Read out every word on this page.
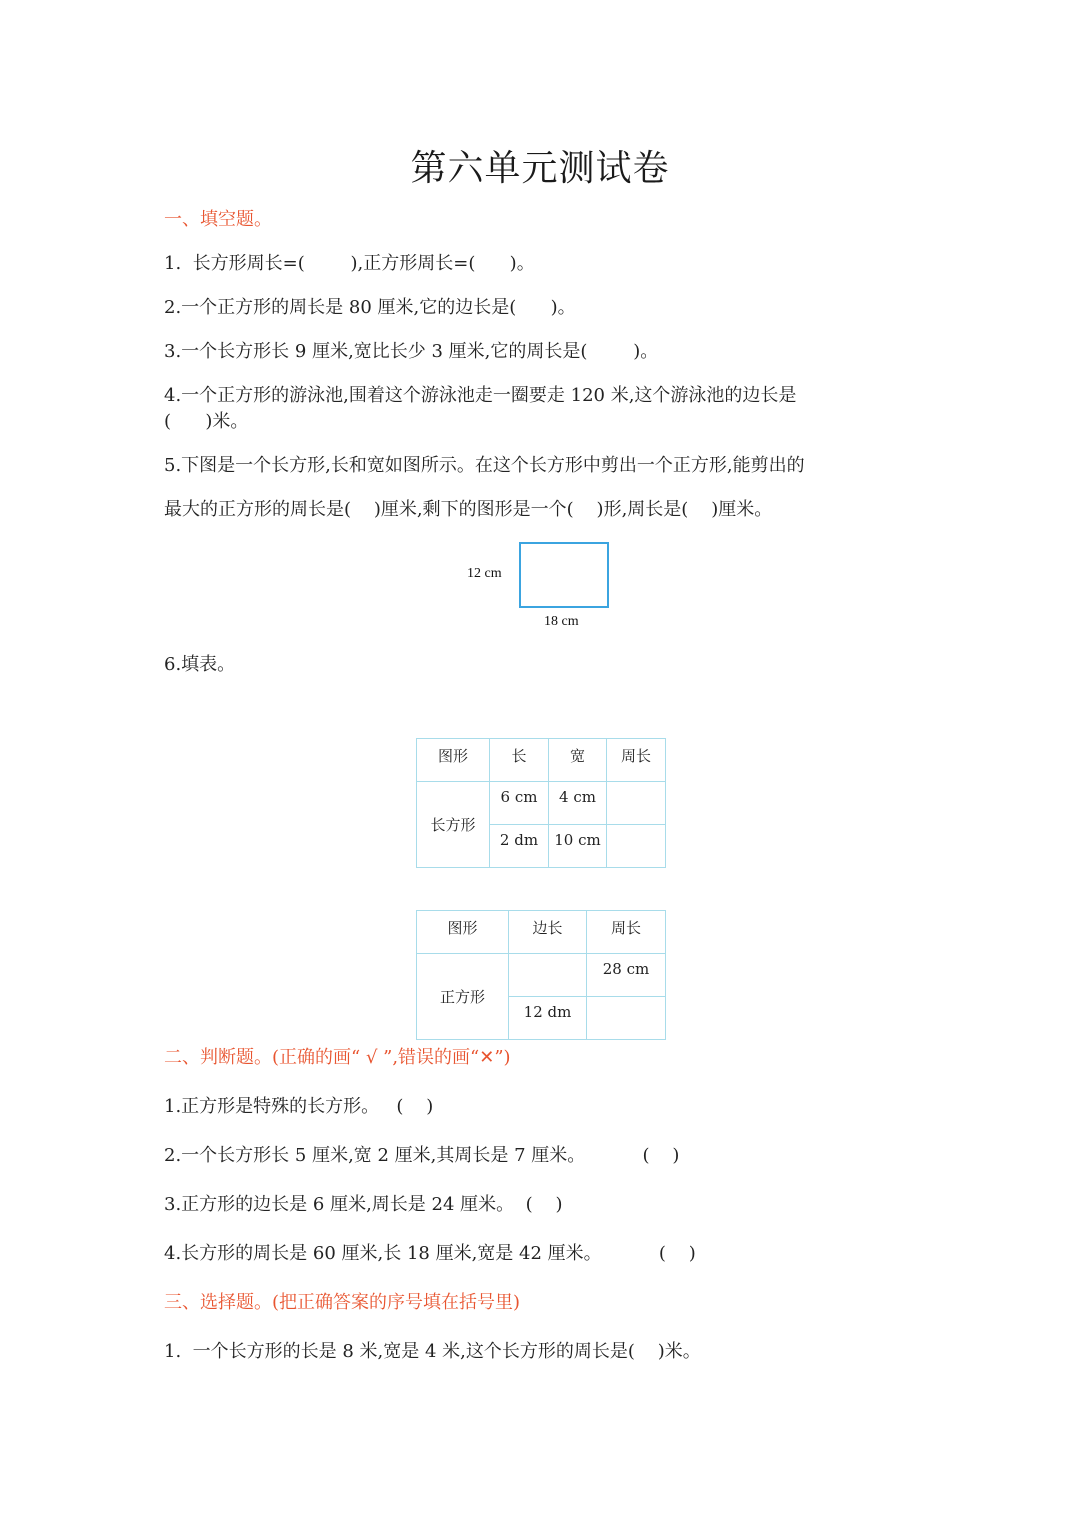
第六单元测试卷
一、填空题。
1.  长方形周长=(        ),正方形周长=(      )。
2.一个正方形的周长是 80 厘米,它的边长是(      )。
3.一个长方形长 9 厘米,宽比长少 3 厘米,它的周长是(        )。
4.一个正方形的游泳池,围着这个游泳池走一圈要走 120 米,这个游泳池的边长是
(      )米。
5.下图是一个长方形,长和宽如图所示。在这个长方形中剪出一个正方形,能剪出的
最大的正方形的周长是(    )厘米,剩下的图形是一个(    )形,周长是(    )厘米。
12 cm
18 cm
6.填表。
图形	长	宽	周长
长方形	6 cm	4 cm	
	2 dm	10 cm	
图形	边长	周长
正方形		28 cm
	12 dm	
二、判断题。(正确的画“ √ ”,错误的画“✕”)
1.正方形是特殊的长方形。   (    )
2.一个长方形长 5 厘米,宽 2 厘米,其周长是 7 厘米。          (    )
3.正方形的边长是 6 厘米,周长是 24 厘米。  (    )
4.长方形的周长是 60 厘米,长 18 厘米,宽是 42 厘米。          (    )
三、选择题。(把正确答案的序号填在括号里)
1.  一个长方形的长是 8 米,宽是 4 米,这个长方形的周长是(    )米。
